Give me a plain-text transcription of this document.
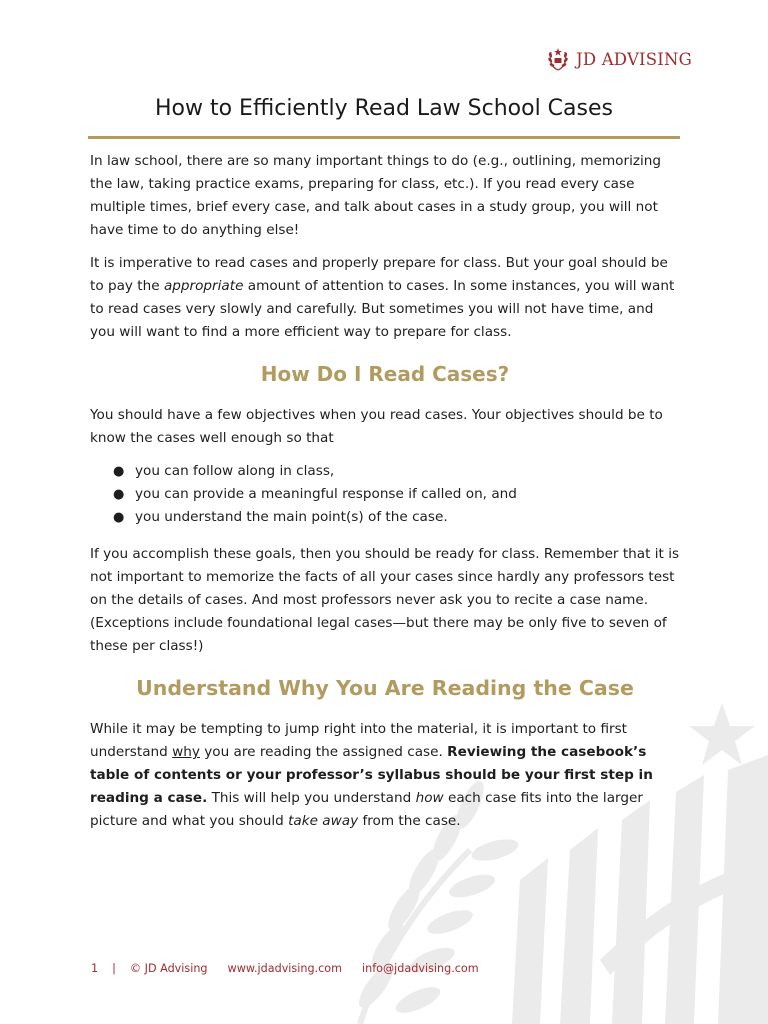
JD ADVISING
How to Efficiently Read Law School Cases

In law school, there are so many important things to do (e.g., outlining, memorizing the law, taking practice exams, preparing for class, etc.). If you read every case multiple times, brief every case, and talk about cases in a study group, you will not have time to do anything else!

It is imperative to read cases and properly prepare for class. But your goal should be to pay the appropriate amount of attention to cases. In some instances, you will want to read cases very slowly and carefully. But sometimes you will not have time, and you will want to find a more efficient way to prepare for class.

How Do I Read Cases?

You should have a few objectives when you read cases. Your objectives should be to know the cases well enough so that

● you can follow along in class,
● you can provide a meaningful response if called on, and
● you understand the main point(s) of the case.

If you accomplish these goals, then you should be ready for class. Remember that it is not important to memorize the facts of all your cases since hardly any professors test on the details of cases. And most professors never ask you to recite a case name. (Exceptions include foundational legal cases—but there may be only five to seven of these per class!)

Understand Why You Are Reading the Case

While it may be tempting to jump right into the material, it is important to first understand why you are reading the assigned case. Reviewing the casebook’s table of contents or your professor’s syllabus should be your first step in reading a case. This will help you understand how each case fits into the larger picture and what you should take away from the case.

1 | © JD Advising www.jdadvising.com info@jdadvising.com
